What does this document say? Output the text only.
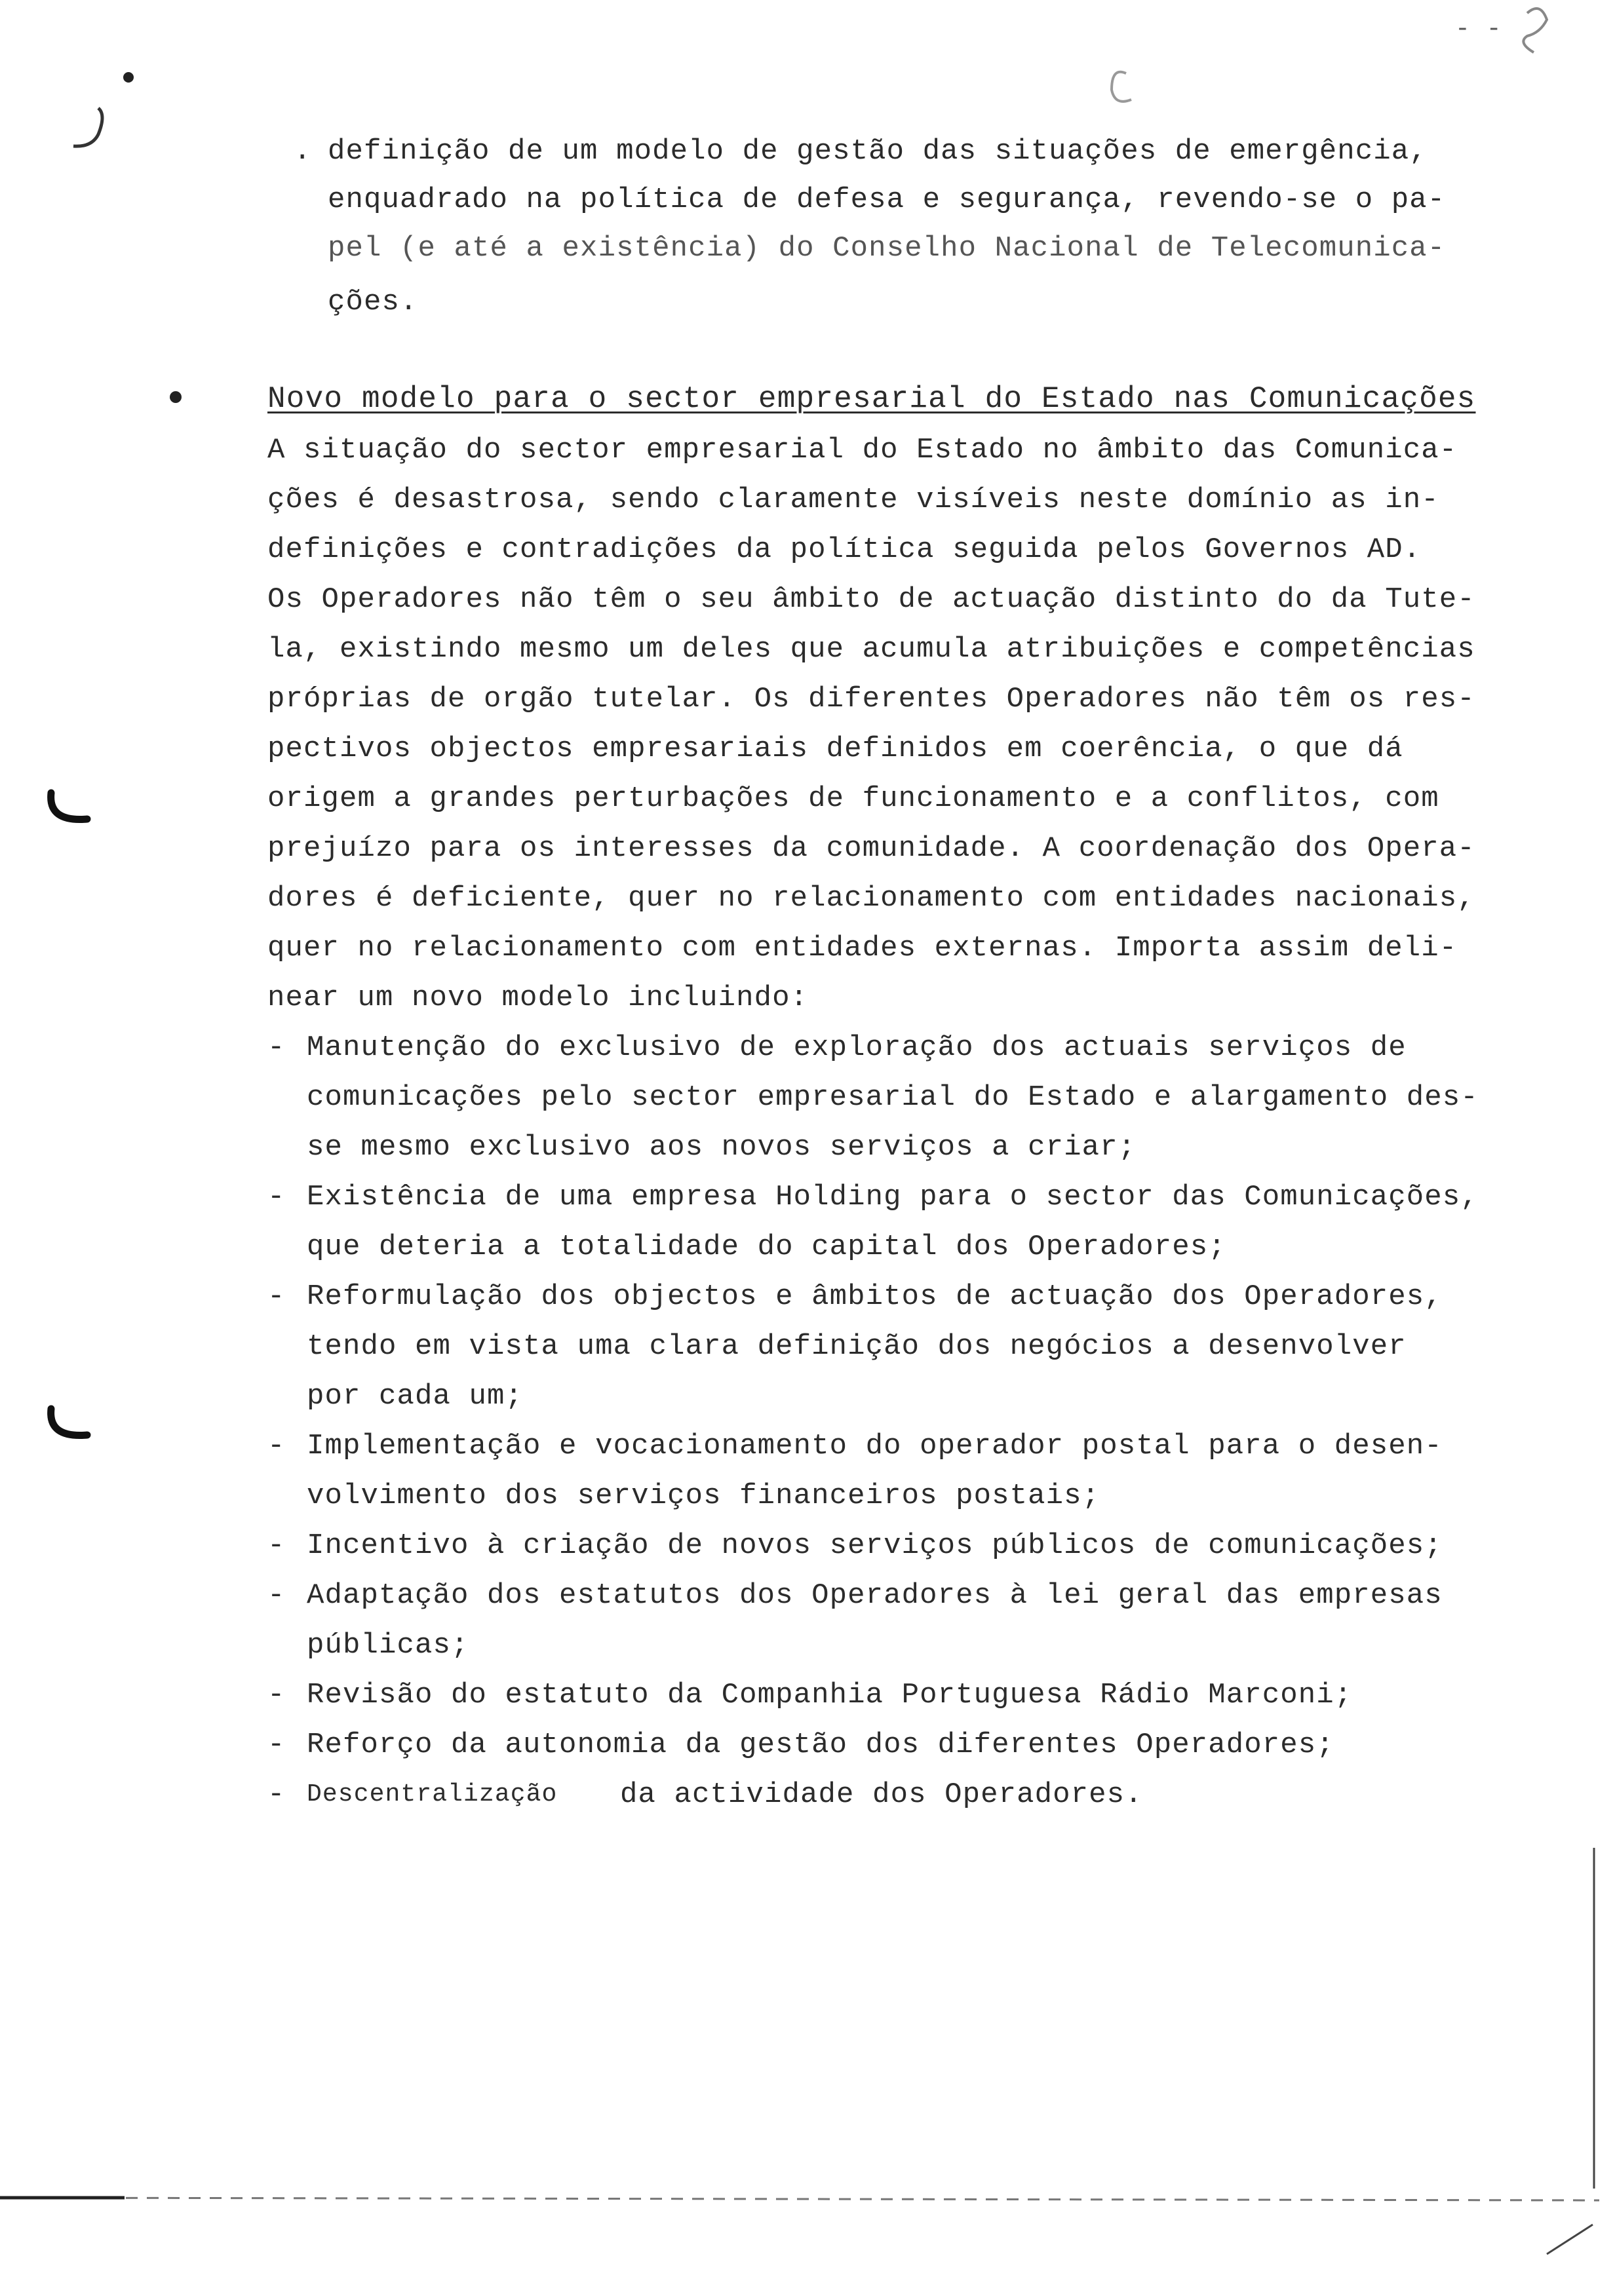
- -
. definição de um modelo de gestão das situações de emergência,
enquadrado na política de defesa e segurança, revendo-se o pa-
pel (e até a existência) do Conselho Nacional de Telecomunica-
ções.
Novo modelo para o sector empresarial do Estado nas Comunicações
A situação do sector empresarial do Estado no âmbito das Comunica-
ções é desastrosa, sendo claramente visíveis neste domínio as in-
definições e contradições da política seguida pelos Governos AD.
Os Operadores não têm o seu âmbito de actuação distinto do da Tute-
la, existindo mesmo um deles que acumula atribuições e competências
próprias de orgão tutelar. Os diferentes Operadores não têm os res-
pectivos objectos empresariais definidos em coerência, o que dá
origem a grandes perturbações de funcionamento e a conflitos, com
prejuízo para os interesses da comunidade. A coordenação dos Opera-
dores é deficiente, quer no relacionamento com entidades nacionais,
quer no relacionamento com entidades externas. Importa assim deli-
near um novo modelo incluindo:
- Manutenção do exclusivo de exploração dos actuais serviços de
comunicações pelo sector empresarial do Estado e alargamento des-
se mesmo exclusivo aos novos serviços a criar;
- Existência de uma empresa Holding para o sector das Comunicações,
que deteria a totalidade do capital dos Operadores;
- Reformulação dos objectos e âmbitos de actuação dos Operadores,
tendo em vista uma clara definição dos negócios a desenvolver
por cada um;
- Implementação e vocacionamento do operador postal para o desen-
volvimento dos serviços financeiros postais;
- Incentivo à criação de novos serviços públicos de comunicações;
- Adaptação dos estatutos dos Operadores à lei geral das empresas
públicas;
- Revisão do estatuto da Companhia Portuguesa Rádio Marconi;
- Reforço da autonomia da gestão dos diferentes Operadores;
- Descentralização da actividade dos Operadores.
